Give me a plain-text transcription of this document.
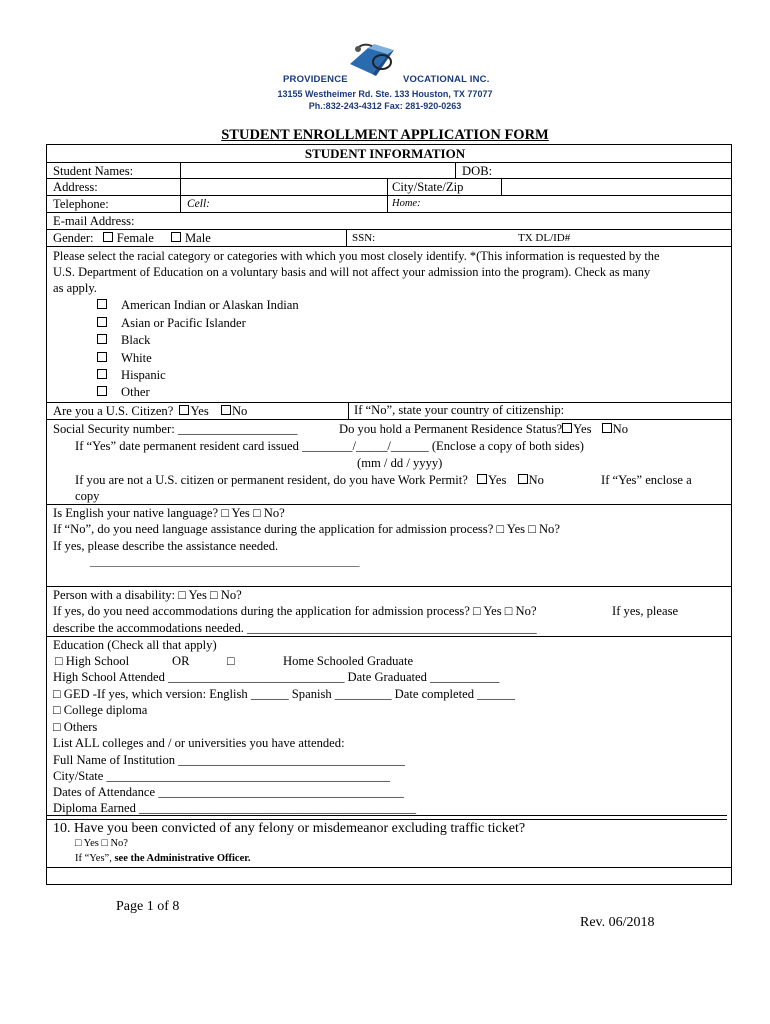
PROVIDENCE	VOCATIONAL INC.
13155 Westheimer Rd. Ste. 133 Houston, TX 77077
Ph.:832-243-4312 Fax: 281-920-0263
STUDENT ENROLLMENT APPLICATION FORM
STUDENT INFORMATION
Student Names:	DOB:
Address:	City/State/Zip
Telephone:	Cell:	Home:
E-mail Address:
Gender: Female Male	SSN:	TX DL/ID#
Please select the racial category or categories with which you most closely identify. *(This information is requested by the
U.S. Department of Education on a voluntary basis and will not affect your admission into the program). Check as many
as apply.
American Indian or Alaskan Indian
Asian or Pacific Islander
Black
White
Hispanic
Other
Are you a U.S. Citizen? Yes No	If “No”, state your country of citizenship:
Social Security number: ___________________	Do you hold a Permanent Residence Status? Yes No
If “Yes” date permanent resident card issued ________/_____/______ (Enclose a copy of both sides)
(mm / dd / yyyy)
If you are not a U.S. citizen or permanent resident, do you have Work Permit? Yes No	If “Yes” enclose a
copy
Is English your native language? □ Yes □ No?
If “No”, do you need language assistance during the application for admission process? □ Yes □ No?
If yes, please describe the assistance needed.
_________________________________________________
Person with a disability: □ Yes □ No?
If yes, do you need accommodations during the application for admission process? □ Yes □ No?	If yes, please
describe the accommodations needed. ______________________________________________
Education (Check all that apply)
□ High School	OR	□	Home Schooled Graduate
High School Attended ____________________________ Date Graduated ___________
□ GED -If yes, which version: English ______ Spanish _________ Date completed ______
□ College diploma
□ Others
List ALL colleges and / or universities you have attended:
Full Name of Institution ____________________________________
City/State _____________________________________________
Dates of Attendance _______________________________________
Diploma Earned ____________________________________________
10. Have you been convicted of any felony or misdemeanor excluding traffic ticket?
□ Yes □ No?
If “Yes”, see the Administrative Officer.
Page 1 of 8
Rev. 06/2018
